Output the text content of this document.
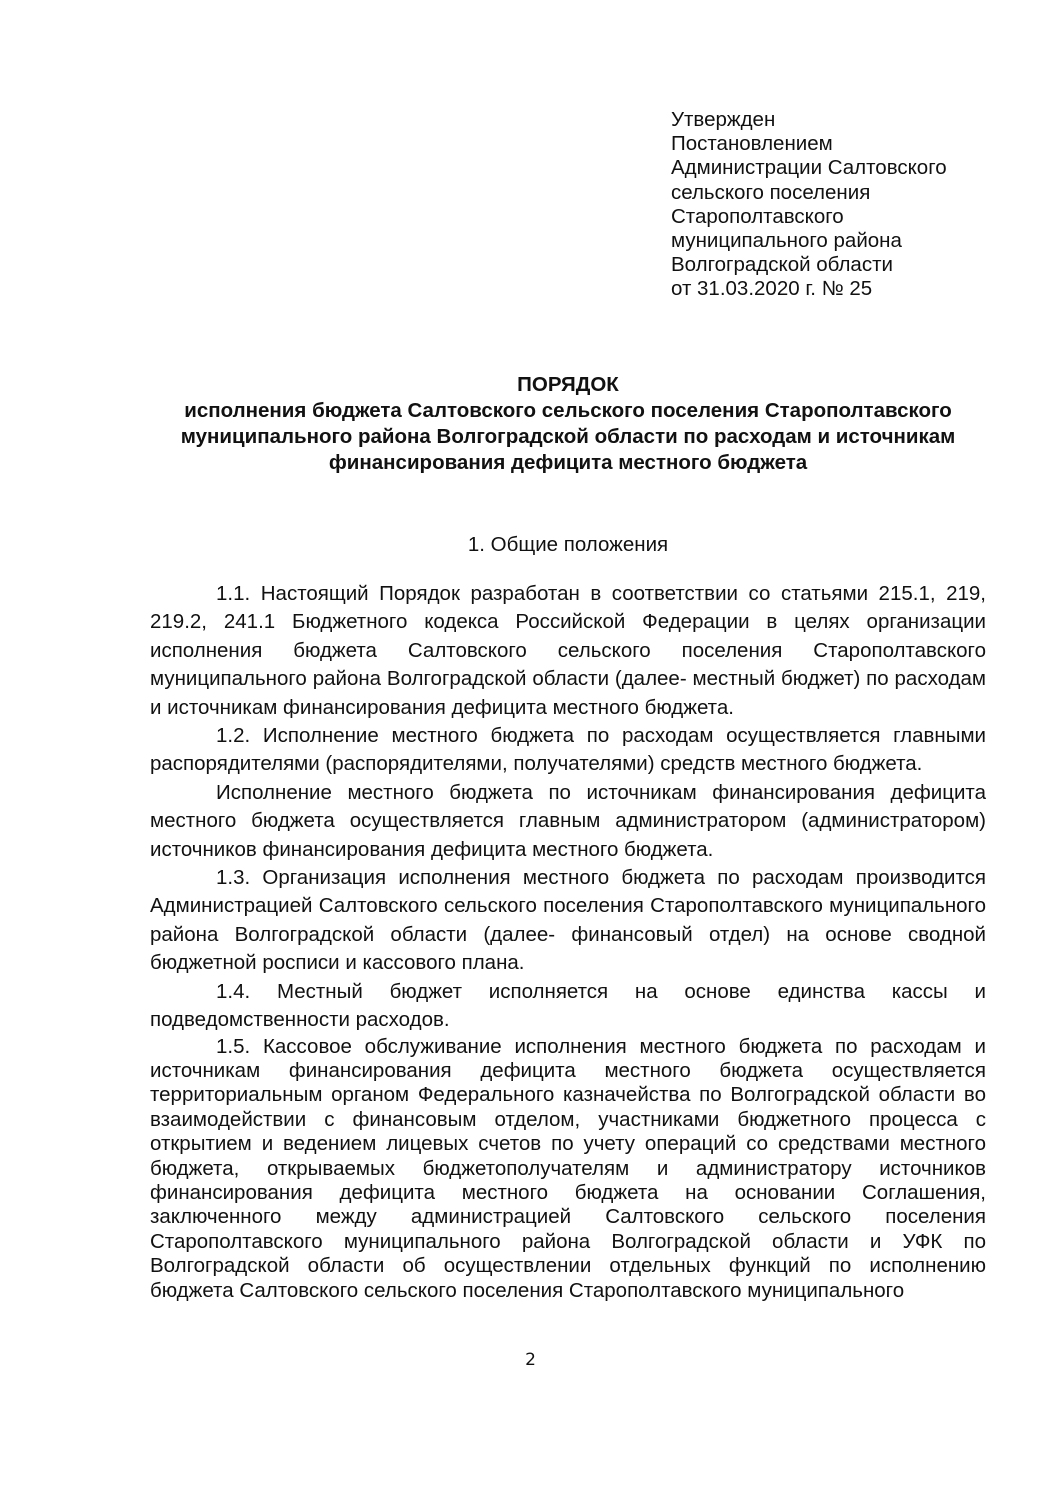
Утвержден
Постановлением
Администрации Салтовского
сельского поселения
Старополтавского
муниципального района
Волгоградской области
от 31.03.2020 г. № 25
ПОРЯДОК
исполнения бюджета Салтовского сельского поселения Старополтавского муниципального района Волгоградской области по расходам и источникам финансирования дефицита местного бюджета
1. Общие положения

1.1. Настоящий Порядок разработан в соответствии со статьями 215.1, 219, 219.2, 241.1 Бюджетного кодекса Российской Федерации в целях организации исполнения бюджета Салтовского сельского поселения Старополтавского муниципального района Волгоградской области (далее- местный бюджет) по расходам и источникам финансирования дефицита местного бюджета.

1.2. Исполнение местного бюджета по расходам осуществляется главными распорядителями (распорядителями, получателями) средств местного бюджета.

Исполнение местного бюджета по источникам финансирования дефицита местного бюджета осуществляется главным администратором (администратором) источников финансирования дефицита местного бюджета.

1.3. Организация исполнения местного бюджета по расходам производится Администрацией Салтовского сельского поселения Старополтавского муниципального района Волгоградской области (далее- финансовый отдел) на основе сводной бюджетной росписи и кассового плана.

1.4. Местный бюджет исполняется на основе единства кассы и подведомственности расходов.

1.5. Кассовое обслуживание исполнения местного бюджета по расходам и источникам финансирования дефицита местного бюджета осуществляется территориальным органом Федерального казначейства по Волгоградской области во взаимодействии с финансовым отделом, участниками бюджетного процесса с открытием и ведением лицевых счетов по учету операций со средствами местного бюджета, открываемых бюджетополучателям и администратору источников финансирования дефицита местного бюджета на основании Соглашения, заключенного между администрацией Салтовского сельского поселения Старополтавского муниципального района Волгоградской области и УФК по Волгоградской области об осуществлении отдельных функций по исполнению бюджета Салтовского сельского поселения Старополтавского муниципального

2
